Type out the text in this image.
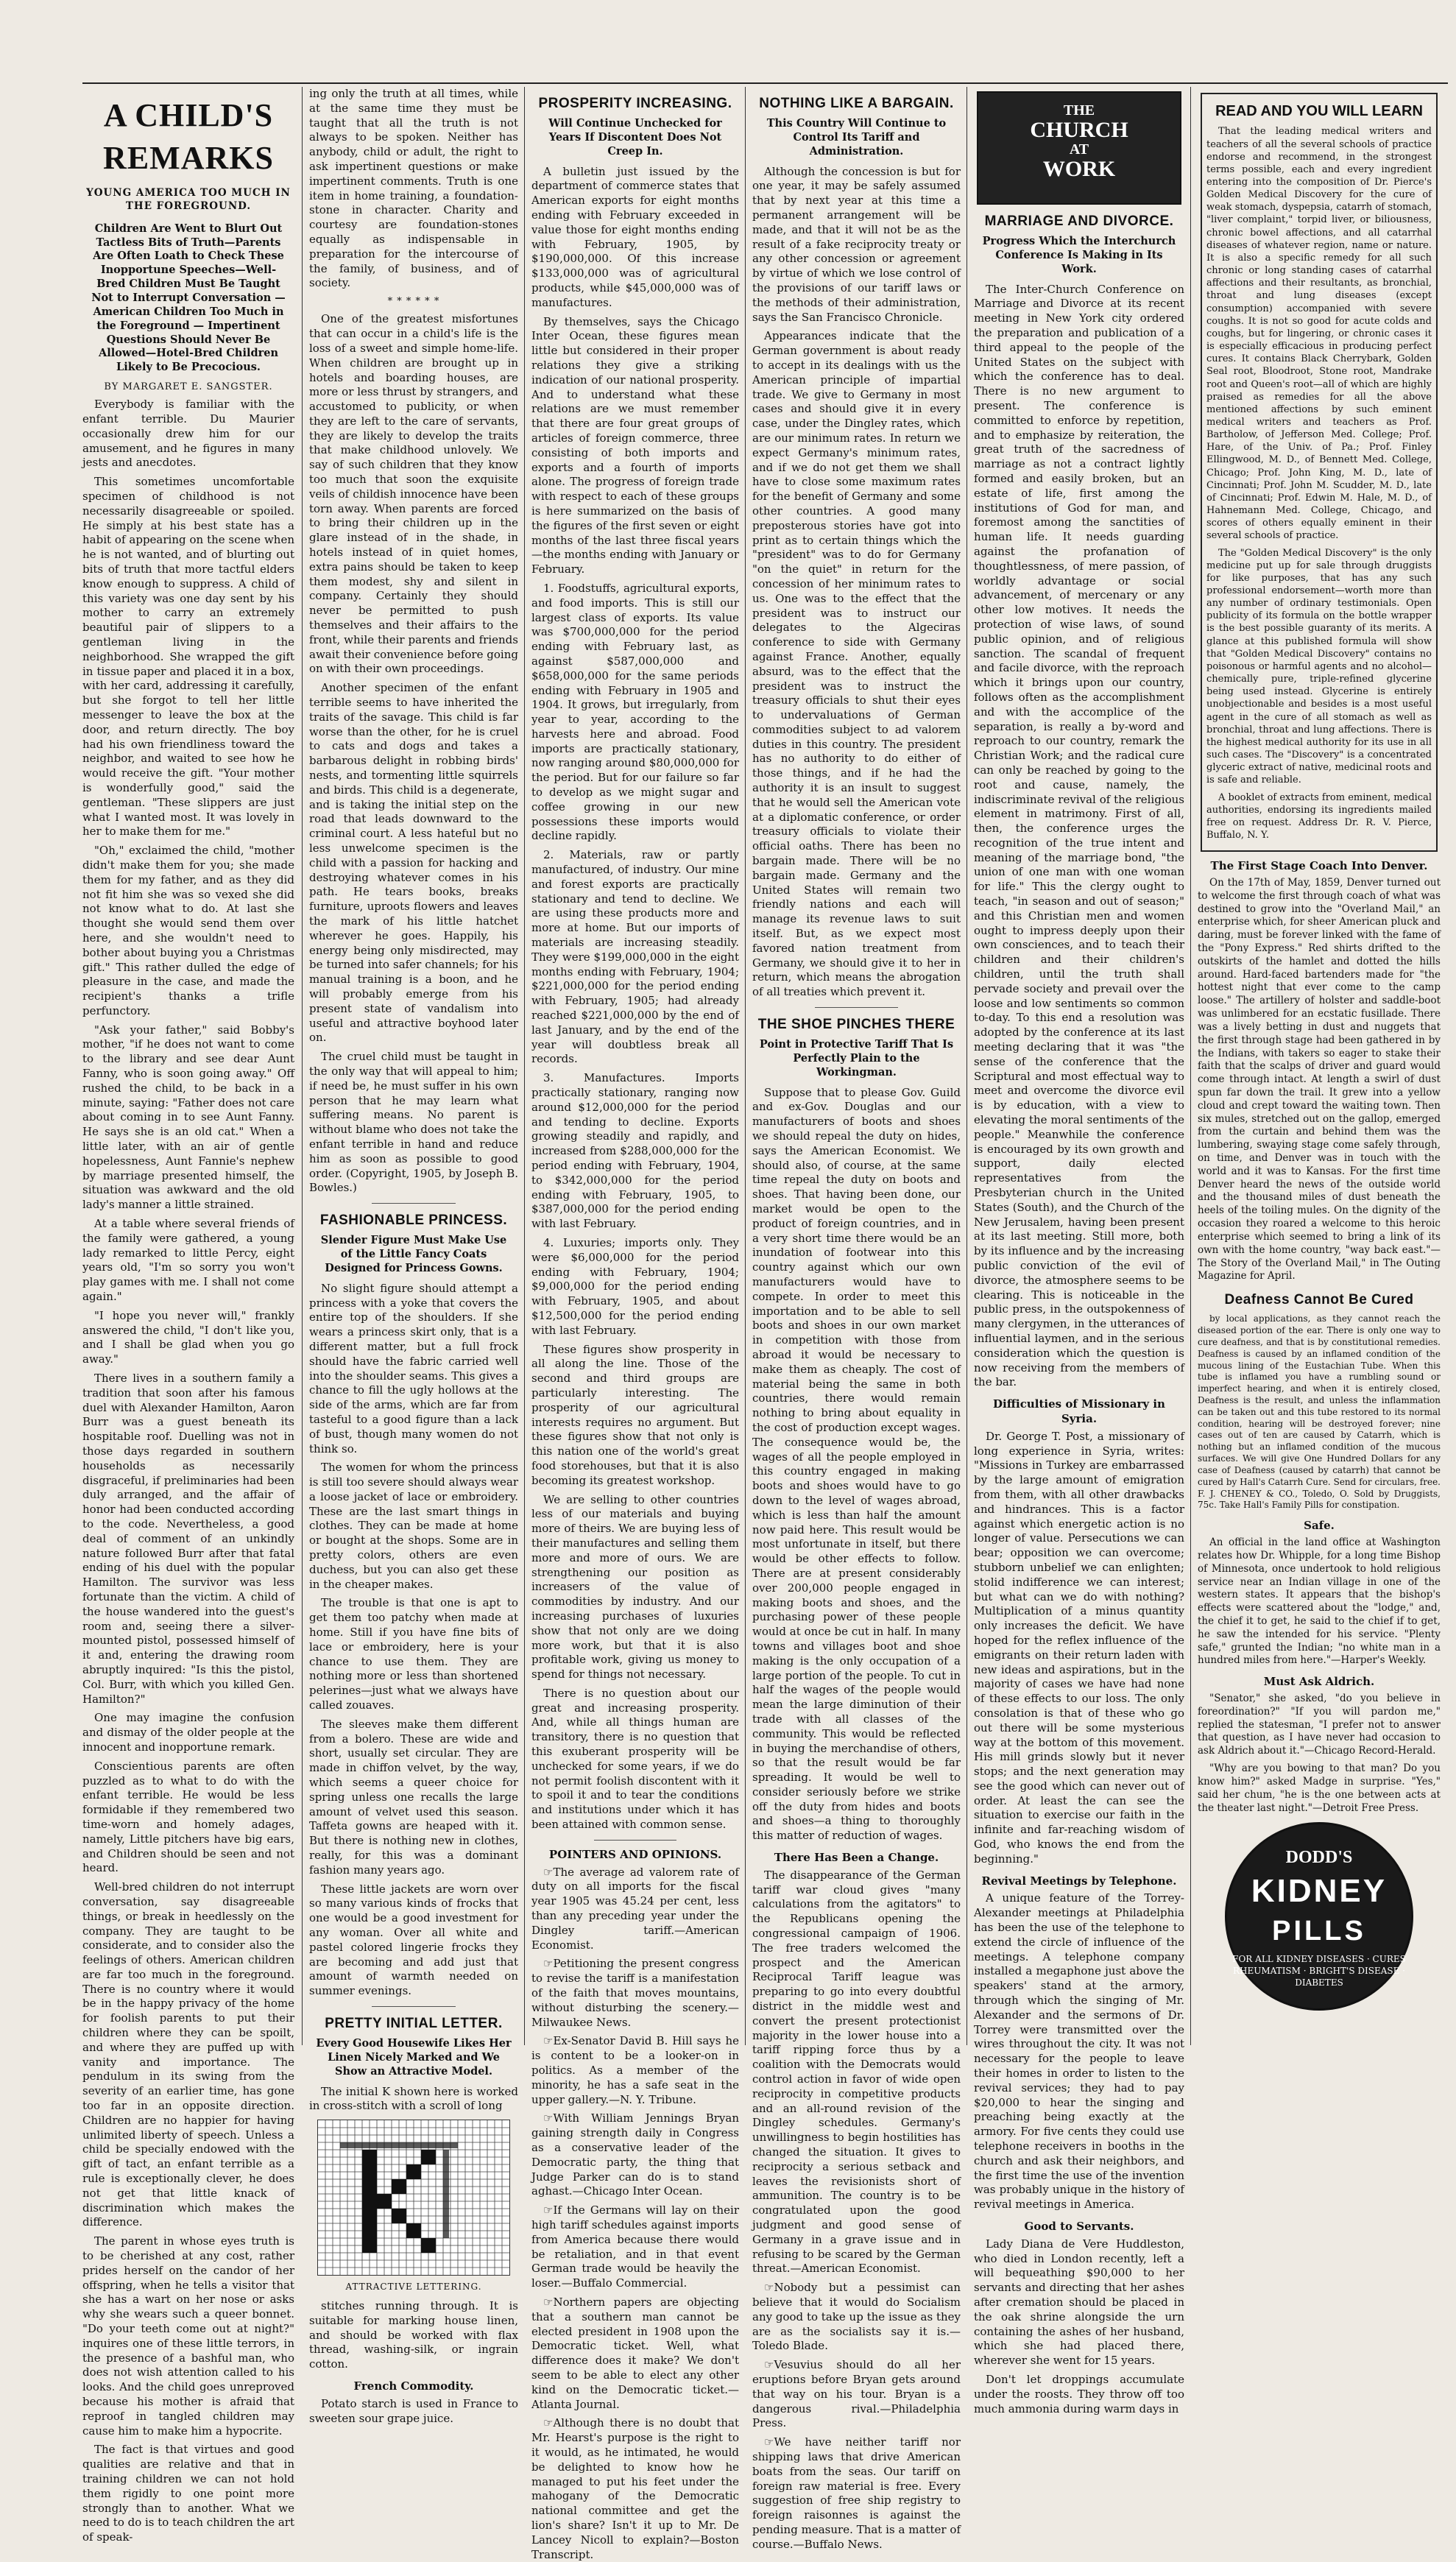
A CHILD'S REMARKS
YOUNG AMERICA TOO MUCH IN THE FOREGROUND.
Children Are Went to Blurt Out Tactless Bits of Truth—Parents Are Often Loath to Check These Inopportune Speeches—Well-Bred Children Must Be Taught Not to Interrupt Conversation — American Children Too Much in the Foreground — Impertinent Questions Should Never Be Allowed—Hotel-Bred Children Likely to Be Precocious.
BY MARGARET E. SANGSTER.

Everybody is familiar with the enfant terrible. Du Maurier occasionally drew him for our amusement, and he figures in many jests and anecdotes.

This sometimes uncomfortable specimen of childhood is not necessarily disagreeable or spoiled. He simply at his best state has a habit of appearing on the scene when he is not wanted, and of blurting out bits of truth that more tactful elders know enough to suppress. A child of this variety was one day sent by his mother to carry an extremely beautiful pair of slippers to a gentleman living in the neighborhood. She wrapped the gift in tissue paper and placed it in a box, with her card, addressing it carefully, but she forgot to tell her little messenger to leave the box at the door, and return directly. The boy had his own friendliness toward the neighbor, and waited to see how he would receive the gift. "Your mother is wonderfully good," said the gentleman. "These slippers are just what I wanted most. It was lovely in her to make them for me."

"Oh," exclaimed the child, "mother didn't make them for you; she made them for my father, and as they did not fit him she was so vexed she did not know what to do. At last she thought she would send them over here, and she wouldn't need to bother about buying you a Christmas gift." This rather dulled the edge of pleasure in the case, and made the recipient's thanks a trifle perfunctory.

"Ask your father," said Bobby's mother, "if he does not want to come to the library and see dear Aunt Fanny, who is soon going away." Off rushed the child, to be back in a minute, saying: "Father does not care about coming in to see Aunt Fanny. He says she is an old cat." When a little later, with an air of gentle hopelessness, Aunt Fannie's nephew by marriage presented himself, the situation was awkward and the old lady's manner a little strained.

At a table where several friends of the family were gathered, a young lady remarked to little Percy, eight years old, "I'm so sorry you won't play games with me. I shall not come again."

"I hope you never will," frankly answered the child, "I don't like you, and I shall be glad when you go away."

There lives in a southern family a tradition that soon after his famous duel with Alexander Hamilton, Aaron Burr was a guest beneath its hospitable roof. Duelling was not in those days regarded in southern households as necessarily disgraceful, if preliminaries had been duly arranged, and the affair of honor had been conducted according to the code. Nevertheless, a good deal of comment of an unkindly nature followed Burr after that fatal ending of his duel with the popular Hamilton. The survivor was less fortunate than the victim. A child of the house wandered into the guest's room and, seeing there a silver-mounted pistol, possessed himself of it and, entering the drawing room abruptly inquired: "Is this the pistol, Col. Burr, with which you killed Gen. Hamilton?"

One may imagine the confusion and dismay of the older people at the innocent and inopportune remark.

Conscientious parents are often puzzled as to what to do with the enfant terrible. He would be less formidable if they remembered two time-worn and homely adages, namely, Little pitchers have big ears, and Children should be seen and not heard.

Well-bred children do not interrupt conversation, say disagreeable things, or break in heedlessly on the company. They are taught to be considerate, and to consider also the feelings of others. American children are far too much in the foreground. There is no country where it would be in the happy privacy of the home for foolish parents to put their children where they can be spoilt, and where they are puffed up with vanity and importance. The pendulum in its swing from the severity of an earlier time, has gone too far in an opposite direction. Children are no happier for having unlimited liberty of speech. Unless a child be specially endowed with the gift of tact, an enfant terrible as a rule is exceptionally clever, he does not get that little knack of discrimination which makes the difference.

The parent in whose eyes truth is to be cherished at any cost, rather prides herself on the candor of her offspring, when he tells a visitor that she has a wart on her nose or asks why she wears such a queer bonnet. "Do your teeth come out at night?" inquires one of these little terrors, in the presence of a bashful man, who does not wish attention called to his looks. And the child goes unreproved because his mother is afraid that reproof in tangled children may cause him to make him a hypocrite.

The fact is that virtues and good qualities are relative and that in training children we can not hold them rigidly to one point more strongly than to another. What we need to do is to teach children the art of speak-

ing only the truth at all times, while at the same time they must be taught that all the truth is not always to be spoken. Neither has anybody, child or adult, the right to ask impertinent questions or make impertinent comments. Truth is one item in home training, a foundation-stone in character. Charity and courtesy are foundation-stones equally as indispensable in preparation for the intercourse of the family, of business, and of society.

* * * * * *

One of the greatest misfortunes that can occur in a child's life is the loss of a sweet and simple home-life. When children are brought up in hotels and boarding houses, are more or less thrust by strangers, and accustomed to publicity, or when they are left to the care of servants, they are likely to develop the traits that make childhood unlovely. We say of such children that they know too much that soon the exquisite veils of childish innocence have been torn away. When parents are forced to bring their children up in the glare instead of in the shade, in hotels instead of in quiet homes, extra pains should be taken to keep them modest, shy and silent in company. Certainly they should never be permitted to push themselves and their affairs to the front, while their parents and friends await their convenience before going on with their own proceedings.

Another specimen of the enfant terrible seems to have inherited the traits of the savage. This child is far worse than the other, for he is cruel to cats and dogs and takes a barbarous delight in robbing birds' nests, and tormenting little squirrels and birds. This child is a degenerate, and is taking the initial step on the road that leads downward to the criminal court. A less hateful but no less unwelcome specimen is the child with a passion for hacking and destroying whatever comes in his path. He tears books, breaks furniture, uproots flowers and leaves the mark of his little hatchet wherever he goes. Happily, his energy being only misdirected, may be turned into safer channels; for his manual training is a boon, and he will probably emerge from his present state of vandalism into useful and attractive boyhood later on.

The cruel child must be taught in the only way that will appeal to him; if need be, he must suffer in his own person that he may learn what suffering means. No parent is without blame who does not take the enfant terrible in hand and reduce him as soon as possible to good order. (Copyright, 1905, by Joseph B. Bowles.)

FASHIONABLE PRINCESS.
Slender Figure Must Make Use of the Little Fancy Coats Designed for Princess Gowns.

No slight figure should attempt a princess with a yoke that covers the entire top of the shoulders. If she wears a princess skirt only, that is a different matter, but a full frock should have the fabric carried well into the shoulder seams. This gives a chance to fill the ugly hollows at the side of the arms, which are far from tasteful to a good figure than a lack of bust, though many women do not think so.

The women for whom the princess is still too severe should always wear a loose jacket of lace or embroidery. These are the last smart things in clothes. They can be made at home or bought at the shops. Some are in pretty colors, others are even duchess, but you can also get these in the cheaper makes.

The trouble is that one is apt to get them too patchy when made at home. Still if you have fine bits of lace or embroidery, here is your chance to use them. They are nothing more or less than shortened pelerines—just what we always have called zouaves.

The sleeves make them different from a bolero. These are wide and short, usually set circular. They are made in chiffon velvet, by the way, which seems a queer choice for spring unless one recalls the large amount of velvet used this season. Taffeta gowns are heaped with it. But there is nothing new in clothes, really, for this was a dominant fashion many years ago.

These little jackets are worn over so many various kinds of frocks that one would be a good investment for any woman. Over all white and pastel colored lingerie frocks they are becoming and add just that amount of warmth needed on summer evenings.

PRETTY INITIAL LETTER.
Every Good Housewife Likes Her Linen Nicely Marked and We Show an Attractive Model.

The initial K shown here is worked in cross-stitch with a scroll of long

ATTRACTIVE LETTERING.

stitches running through. It is suitable for marking house linen, and should be worked with flax thread, washing-silk, or ingrain cotton.

French Commodity.

Potato starch is used in France to sweeten sour grape juice.

PROSPERITY INCREASING.
Will Continue Unchecked for Years If Discontent Does Not Creep In.

A bulletin just issued by the department of commerce states that American exports for eight months ending with February exceeded in value those for eight months ending with February, 1905, by $190,000,000. Of this increase $133,000,000 was of agricultural products, while $45,000,000 was of manufactures.

By themselves, says the Chicago Inter Ocean, these figures mean little but considered in their proper relations they give a striking indication of our national prosperity. And to understand what these relations are we must remember that there are four great groups of articles of foreign commerce, three consisting of both imports and exports and a fourth of imports alone. The progress of foreign trade with respect to each of these groups is here summarized on the basis of the figures of the first seven or eight months of the last three fiscal years—the months ending with January or February.

1. Foodstuffs, agricultural exports, and food imports. This is still our largest class of exports. Its value was $700,000,000 for the period ending with February last, as against $587,000,000 and $658,000,000 for the same periods ending with February in 1905 and 1904. It grows, but irregularly, from year to year, according to the harvests here and abroad. Food imports are practically stationary, now ranging around $80,000,000 for the period. But for our failure so far to develop as we might sugar and coffee growing in our new possessions these imports would decline rapidly.

2. Materials, raw or partly manufactured, of industry. Our mine and forest exports are practically stationary and tend to decline. We are using these products more and more at home. But our imports of materials are increasing steadily. They were $199,000,000 in the eight months ending with February, 1904; $221,000,000 for the period ending with February, 1905; had already reached $221,000,000 by the end of last January, and by the end of the year will doubtless break all records.

3. Manufactures. Imports practically stationary, ranging now around $12,000,000 for the period and tending to decline. Exports growing steadily and rapidly, and increased from $288,000,000 for the period ending with February, 1904, to $342,000,000 for the period ending with February, 1905, to $387,000,000 for the period ending with last February.

4. Luxuries; imports only. They were $6,000,000 for the period ending with February, 1904; $9,000,000 for the period ending with February, 1905, and about $12,500,000 for the period ending with last February.

These figures show prosperity in all along the line. Those of the second and third groups are particularly interesting. The prosperity of our agricultural interests requires no argument. But these figures show that not only is this nation one of the world's great food storehouses, but that it is also becoming its greatest workshop.

We are selling to other countries less of our materials and buying more of theirs. We are buying less of their manufactures and selling them more and more of ours. We are strengthening our position as increasers of the value of commodities by industry. And our increasing purchases of luxuries show that not only are we doing more work, but that it is also profitable work, giving us money to spend for things not necessary.

There is no question about our great and increasing prosperity. And, while all things human are transitory, there is no question that this exuberant prosperity will be unchecked for some years, if we do not permit foolish discontent with it to spoil it and to tear the conditions and institutions under which it has been attained with common sense.

POINTERS AND OPINIONS.

☞The average ad valorem rate of duty on all imports for the fiscal year 1905 was 45.24 per cent, less than any preceding year under the Dingley tariff.—American Economist.

☞Petitioning the present congress to revise the tariff is a manifestation of the faith that moves mountains, without disturbing the scenery.—Milwaukee News.

☞Ex-Senator David B. Hill says he is content to be a looker-on in politics. As a member of the minority, he has a safe seat in the upper gallery.—N. Y. Tribune.

☞With William Jennings Bryan gaining strength daily in Congress as a conservative leader of the Democratic party, the thing that Judge Parker can do is to stand aghast.—Chicago Inter Ocean.

☞If the Germans will lay on their high tariff schedules against imports from America because there would be retaliation, and in that event German trade would be heavily the loser.—Buffalo Commercial.

☞Northern papers are objecting that a southern man cannot be elected president in 1908 upon the Democratic ticket. Well, what difference does it make? We don't seem to be able to elect any other kind on the Democratic ticket.—Atlanta Journal.

☞Although there is no doubt that Mr. Hearst's purpose is the right to it would, as he intimated, he would be delighted to know how he managed to put his feet under the mahogany of the Democratic national committee and get the lion's share? Isn't it up to Mr. De Lancey Nicoll to explain?—Boston Transcript.

NOTHING LIKE A BARGAIN.
This Country Will Continue to Control Its Tariff and Administration.

Although the concession is but for one year, it may be safely assumed that by next year at this time a permanent arrangement will be made, and that it will not be as the result of a fake reciprocity treaty or any other concession or agreement by virtue of which we lose control of the provisions of our tariff laws or the methods of their administration, says the San Francisco Chronicle.

Appearances indicate that the German government is about ready to accept in its dealings with us the American principle of impartial trade. We give to Germany in most cases and should give it in every case, under the Dingley rates, which are our minimum rates. In return we expect Germany's minimum rates, and if we do not get them we shall have to close some maximum rates for the benefit of Germany and some other countries. A good many preposterous stories have got into print as to certain things which the "president" was to do for Germany "on the quiet" in return for the concession of her minimum rates to us. One was to the effect that the president was to instruct our delegates to the Algeciras conference to side with Germany against France. Another, equally absurd, was to the effect that the president was to instruct the treasury officials to shut their eyes to undervaluations of German commodities subject to ad valorem duties in this country. The president has no authority to do either of those things, and if he had the authority it is an insult to suggest that he would sell the American vote at a diplomatic conference, or order treasury officials to violate their official oaths. There has been no bargain made. There will be no bargain made. Germany and the United States will remain two friendly nations and each will manage its revenue laws to suit itself. But, as we expect most favored nation treatment from Germany, we should give it to her in return, which means the abrogation of all treaties which prevent it.

THE SHOE PINCHES THERE
Point in Protective Tariff That Is Perfectly Plain to the Workingman.

Suppose that to please Gov. Guild and ex-Gov. Douglas and our manufacturers of boots and shoes we should repeal the duty on hides, says the American Economist. We should also, of course, at the same time repeal the duty on boots and shoes. That having been done, our market would be open to the product of foreign countries, and in a very short time there would be an inundation of footwear into this country against which our own manufacturers would have to compete. In order to meet this importation and to be able to sell boots and shoes in our own market in competition with those from abroad it would be necessary to make them as cheaply. The cost of material being the same in both countries, there would remain nothing to bring about equality in the cost of production except wages. The consequence would be, the wages of all the people employed in this country engaged in making boots and shoes would have to go down to the level of wages abroad, which is less than half the amount now paid here. This result would be most unfortunate in itself, but there would be other effects to follow. There are at present considerably over 200,000 people engaged in making boots and shoes, and the purchasing power of these people would at once be cut in half. In many towns and villages boot and shoe making is the only occupation of a large portion of the people. To cut in half the wages of the people would mean the large diminution of their trade with all classes of the community. This would be reflected in buying the merchandise of others, so that the result would be far spreading. It would be well to consider seriously before we strike off the duty from hides and boots and shoes—a thing to thoroughly this matter of reduction of wages.

There Has Been a Change.

The disappearance of the German tariff war cloud gives "many calculations from the agitators" to the Republicans opening the congressional campaign of 1906. The free traders welcomed the prospect and the American Reciprocal Tariff league was preparing to go into every doubtful district in the middle west and convert the present protectionist majority in the lower house into a tariff ripping force thus by a coalition with the Democrats would control action in favor of wide open reciprocity in competitive products and an all-round revision of the Dingley schedules. Germany's unwillingness to begin hostilities has changed the situation. It gives to reciprocity a serious setback and leaves the revisionists short of ammunition. The country is to be congratulated upon the good judgment and good sense of Germany in a grave issue and in refusing to be scared by the German threat.—American Economist.

☞Nobody but a pessimist can believe that it would do Socialism any good to take up the issue as they are as the socialists say it is.—Toledo Blade.

☞Vesuvius should do all her eruptions before Bryan gets around that way on his tour. Bryan is a dangerous rival.—Philadelphia Press.

☞We have neither tariff nor shipping laws that drive American boats from the seas. Our tariff on foreign raw material is free. Every suggestion of free ship registry to foreign raisonnes is against the pending measure. That is a matter of course.—Buffalo News.

THE
CHURCH
AT
WORK
MARRIAGE AND DIVORCE.
Progress Which the Interchurch Conference Is Making in Its Work.

The Inter-Church Conference on Marriage and Divorce at its recent meeting in New York city ordered the preparation and publication of a third appeal to the people of the United States on the subject with which the conference has to deal. There is no new argument to present. The conference is committed to enforce by repetition, and to emphasize by reiteration, the great truth of the sacredness of marriage as not a contract lightly formed and easily broken, but an estate of life, first among the institutions of God for man, and foremost among the sanctities of human life. It needs guarding against the profanation of thoughtlessness, of mere passion, of worldly advantage or social advancement, of mercenary or any other low motives. It needs the protection of wise laws, of sound public opinion, and of religious sanction. The scandal of frequent and facile divorce, with the reproach which it brings upon our country, follows often as the accomplishment and with the accomplice of the separation, is really a by-word and reproach to our country, remark the Christian Work; and the radical cure can only be reached by going to the root and cause, namely, the indiscriminate revival of the religious element in matrimony. First of all, then, the conference urges the recognition of the true intent and meaning of the marriage bond, "the union of one man with one woman for life." This the clergy ought to teach, "in season and out of season;" and this Christian men and women ought to impress deeply upon their own consciences, and to teach their children and their children's children, until the truth shall pervade society and prevail over the loose and low sentiments so common to-day. To this end a resolution was adopted by the conference at its last meeting declaring that it was "the sense of the conference that the Scriptural and most effectual way to meet and overcome the divorce evil is by education, with a view to elevating the moral sentiments of the people." Meanwhile the conference is encouraged by its own growth and support, daily elected representatives from the Presbyterian church in the United States (South), and the Church of the New Jerusalem, having been present at its last meeting. Still more, both by its influence and by the increasing public conviction of the evil of divorce, the atmosphere seems to be clearing. This is noticeable in the public press, in the outspokenness of many clergymen, in the utterances of influential laymen, and in the serious consideration which the question is now receiving from the members of the bar.

Difficulties of Missionary in Syria.

Dr. George T. Post, a missionary of long experience in Syria, writes: "Missions in Turkey are embarrassed by the large amount of emigration from them, with all other drawbacks and hindrances. This is a factor against which energetic action is no longer of value. Persecutions we can bear; opposition we can overcome; stubborn unbelief we can enlighten; stolid indifference we can interest; but what can we do with nothing? Multiplication of a minus quantity only increases the deficit. We have hoped for the reflex influence of the emigrants on their return laden with new ideas and aspirations, but in the majority of cases we have had none of these effects to our loss. The only consolation is that of these who go out there will be some mysterious way at the bottom of this movement. His mill grinds slowly but it never stops; and the next generation may see the good which can never out of order. At least the can see the situation to exercise our faith in the infinite and far-reaching wisdom of God, who knows the end from the beginning."

Revival Meetings by Telephone.

A unique feature of the Torrey-Alexander meetings at Philadelphia has been the use of the telephone to extend the circle of influence of the meetings. A telephone company installed a megaphone just above the speakers' stand at the armory, through which the singing of Mr. Alexander and the sermons of Dr. Torrey were transmitted over the wires throughout the city. It was not necessary for the people to leave their homes in order to listen to the revival services; they had to pay $20,000 to hear the singing and preaching being exactly at the armory. For five cents they could use telephone receivers in booths in the church and ask their neighbors, and the first time the use of the invention was probably unique in the history of revival meetings in America.

Good to Servants.

Lady Diana de Vere Huddleston, who died in London recently, left a will bequeathing $90,000 to her servants and directing that her ashes after cremation should be placed in the oak shrine alongside the urn containing the ashes of her husband, which she had placed there, wherever she went for 15 years.

Don't let droppings accumulate under the roosts. They throw off too much ammonia during warm days in

READ AND YOU WILL LEARN

That the leading medical writers and teachers of all the several schools of practice endorse and recommend, in the strongest terms possible, each and every ingredient entering into the composition of Dr. Pierce's Golden Medical Discovery for the cure of weak stomach, dyspepsia, catarrh of stomach, "liver complaint," torpid liver, or biliousness, chronic bowel affections, and all catarrhal diseases of whatever region, name or nature. It is also a specific remedy for all such chronic or long standing cases of catarrhal affections and their resultants, as bronchial, throat and lung diseases (except consumption) accompanied with severe coughs. It is not so good for acute colds and coughs, but for lingering, or chronic cases it is especially efficacious in producing perfect cures. It contains Black Cherrybark, Golden Seal root, Bloodroot, Stone root, Mandrake root and Queen's root—all of which are highly praised as remedies for all the above mentioned affections by such eminent medical writers and teachers as Prof. Bartholow, of Jefferson Med. College; Prof. Hare, of the Univ. of Pa.; Prof. Finley Ellingwood, M. D., of Bennett Med. College, Chicago; Prof. John King, M. D., late of Cincinnati; Prof. John M. Scudder, M. D., late of Cincinnati; Prof. Edwin M. Hale, M. D., of Hahnemann Med. College, Chicago, and scores of others equally eminent in their several schools of practice.

The "Golden Medical Discovery" is the only medicine put up for sale through druggists for like purposes, that has any such professional endorsement—worth more than any number of ordinary testimonials. Open publicity of its formula on the bottle wrapper is the best possible guaranty of its merits. A glance at this published formula will show that "Golden Medical Discovery" contains no poisonous or harmful agents and no alcohol—chemically pure, triple-refined glycerine being used instead. Glycerine is entirely unobjectionable and besides is a most useful agent in the cure of all stomach as well as bronchial, throat and lung affections. There is the highest medical authority for its use in all such cases. The "Discovery" is a concentrated glyceric extract of native, medicinal roots and is safe and reliable.

A booklet of extracts from eminent, medical authorities, endorsing its ingredients mailed free on request. Address Dr. R. V. Pierce, Buffalo, N. Y.

The First Stage Coach Into Denver.

On the 17th of May, 1859, Denver turned out to welcome the first through coach of what was destined to grow into the "Overland Mail," an enterprise which, for sheer American pluck and daring, must be forever linked with the fame of the "Pony Express." Red shirts drifted to the outskirts of the hamlet and dotted the hills around. Hard-faced bartenders made for "the hottest night that ever come to the camp loose." The artillery of holster and saddle-boot was unlimbered for an ecstatic fusillade. There was a lively betting in dust and nuggets that the first through stage had been gathered in by the Indians, with takers so eager to stake their faith that the scalps of driver and guard would come through intact. At length a swirl of dust spun far down the trail. It grew into a yellow cloud and crept toward the waiting town. Then six mules, stretched out on the gallop, emerged from the curtain and behind them was the lumbering, swaying stage come safely through, on time, and Denver was in touch with the world and it was to Kansas. For the first time Denver heard the news of the outside world and the thousand miles of dust beneath the heels of the toiling mules. On the dignity of the occasion they roared a welcome to this heroic enterprise which seemed to bring a link of its own with the home country, "way back east."—The Story of the Overland Mail," in The Outing Magazine for April.

Deafness Cannot Be Cured

by local applications, as they cannot reach the diseased portion of the ear. There is only one way to cure deafness, and that is by constitutional remedies. Deafness is caused by an inflamed condition of the mucous lining of the Eustachian Tube. When this tube is inflamed you have a rumbling sound or imperfect hearing, and when it is entirely closed, Deafness is the result, and unless the inflammation can be taken out and this tube restored to its normal condition, hearing will be destroyed forever; nine cases out of ten are caused by Catarrh, which is nothing but an inflamed condition of the mucous surfaces. We will give One Hundred Dollars for any case of Deafness (caused by catarrh) that cannot be cured by Hall's Catarrh Cure. Send for circulars, free. F. J. CHENEY & CO., Toledo, O. Sold by Druggists, 75c. Take Hall's Family Pills for constipation.

Safe.

An official in the land office at Washington relates how Dr. Whipple, for a long time Bishop of Minnesota, once undertook to hold religious service near an Indian village in one of the western states. It appears that the bishop's effects were scattered about the "lodge," and, the chief it to get, he said to the chief if to get, he saw the intended for his service. "Plenty safe," grunted the Indian; "no white man in a hundred miles from here."—Harper's Weekly.

Must Ask Aldrich.

"Senator," she asked, "do you believe in foreordination?" "If you will pardon me," replied the statesman, "I prefer not to answer that question, as I have never had occasion to ask Aldrich about it."—Chicago Record-Herald.

"Why are you bowing to that man? Do you know him?" asked Madge in surprise. "Yes," said her chum, "he is the one between acts at the theater last night."—Detroit Free Press.

DODD'S
KIDNEY
PILLS
FOR ALL KIDNEY DISEASES · CURES RHEUMATISM · BRIGHT'S DISEASE · DIABETES
